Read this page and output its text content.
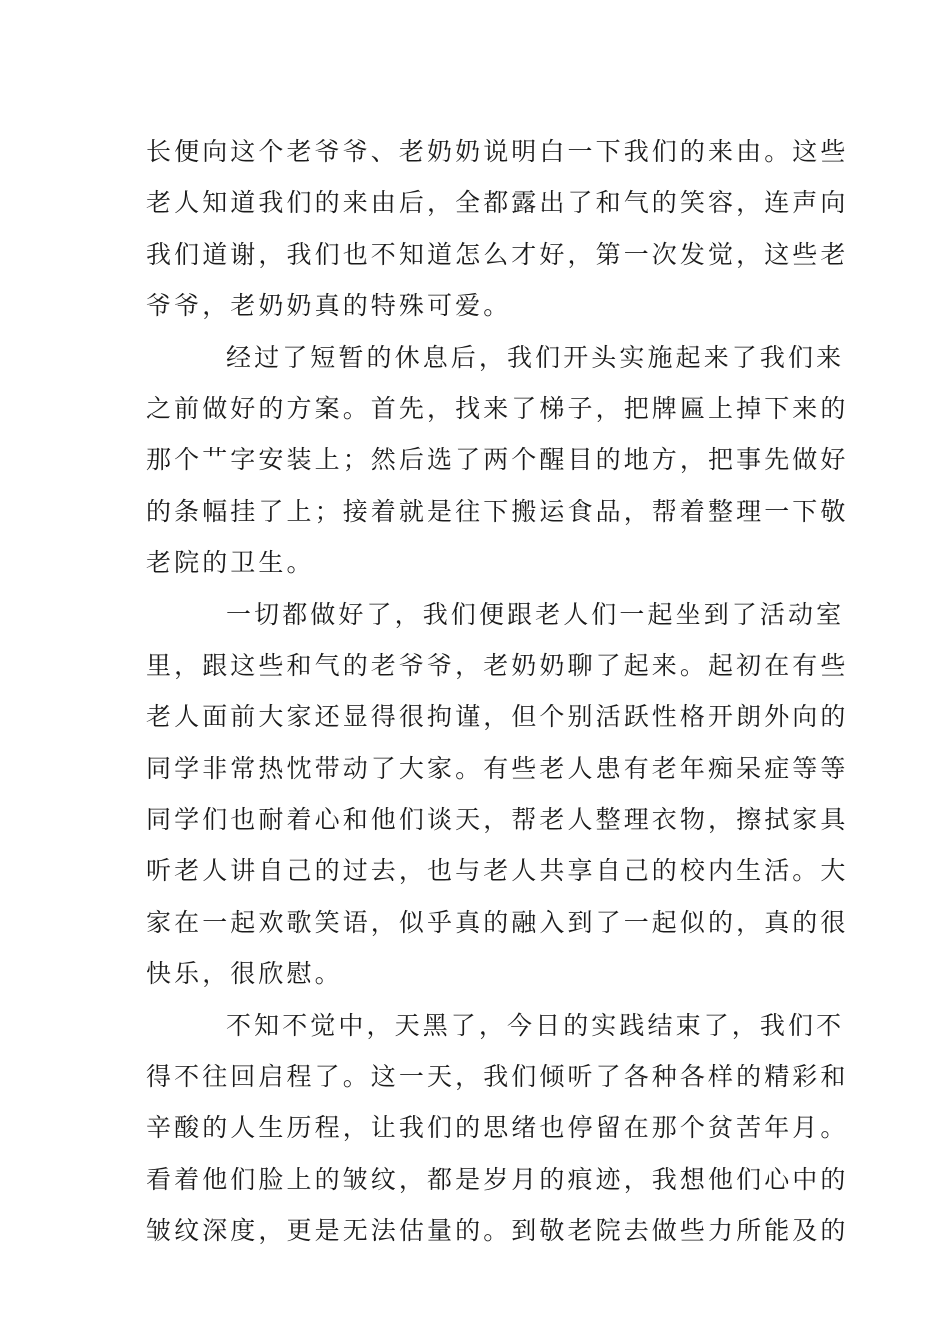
长便向这个老爷爷、老奶奶说明白一下我们的来由。这些
老人知道我们的来由后，全都露出了和气的笑容，连声向
我们道谢，我们也不知道怎么才好，第一次发觉，这些老
爷爷，老奶奶真的特殊可爱。
经过了短暂的休息后，我们开头实施起来了我们来
之前做好的方案。首先，找来了梯子，把牌匾上掉下来的
那个艹字安装上；然后选了两个醒目的地方，把事先做好
的条幅挂了上；接着就是往下搬运食品，帮着整理一下敬
老院的卫生。
一切都做好了，我们便跟老人们一起坐到了活动室
里，跟这些和气的老爷爷，老奶奶聊了起来。起初在有些
老人面前大家还显得很拘谨，但个别活跃性格开朗外向的
同学非常热忱带动了大家。有些老人患有老年痴呆症等等
同学们也耐着心和他们谈天，帮老人整理衣物，擦拭家具
听老人讲自己的过去，也与老人共享自己的校内生活。大
家在一起欢歌笑语，似乎真的融入到了一起似的，真的很
快乐，很欣慰。
不知不觉中，天黑了，今日的实践结束了，我们不
得不往回启程了。这一天，我们倾听了各种各样的精彩和
辛酸的人生历程，让我们的思绪也停留在那个贫苦年月。
看着他们脸上的皱纹，都是岁月的痕迹，我想他们心中的
皱纹深度，更是无法估量的。到敬老院去做些力所能及的
